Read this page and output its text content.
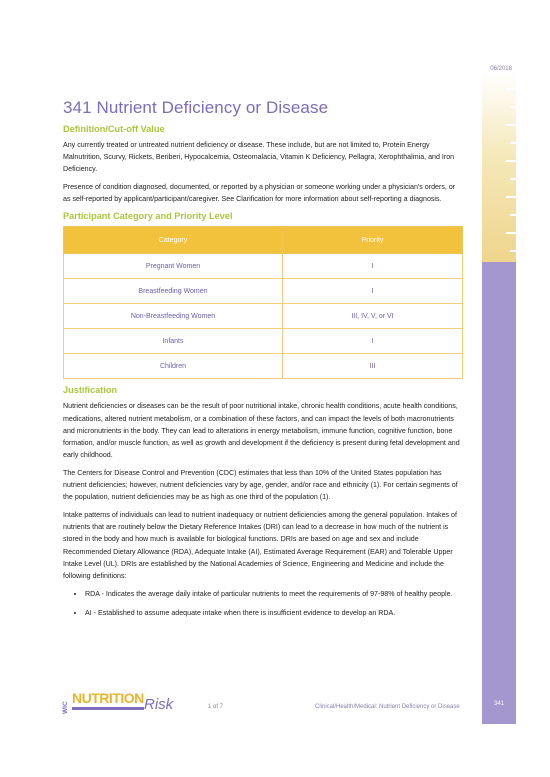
06/2018
341 Nutrient Deficiency or Disease
Definition/Cut-off Value

Any currently treated or untreated nutrient deficiency or disease. These include, but are not limited to, Protein Energy Malnutrition, Scurvy, Rickets, Beriberi, Hypocalcemia, Osteomalacia, Vitamin K Deficiency, Pellagra, Xerophthalmia, and Iron Deficiency.

Presence of condition diagnosed, documented, or reported by a physician or someone working under a physician's orders, or as self-reported by applicant/participant/caregiver. See Clarification for more information about self-reporting a diagnosis.

Participant Category and Priority Level
Category	Priority
Pregnant Women	I
Breastfeeding Women	I
Non-Breastfeeding Women	III, IV, V, or VI
Infants	I
Children	III
Justification

Nutrient deficiencies or diseases can be the result of poor nutritional intake, chronic health conditions, acute health conditions, medications, altered nutrient metabolism, or a combination of these factors, and can impact the levels of both macronutrients and micronutrients in the body. They can lead to alterations in energy metabolism, immune function, cognitive function, bone formation, and/or muscle function, as well as growth and development if the deficiency is present during fetal development and early childhood.

The Centers for Disease Control and Prevention (CDC) estimates that less than 10% of the United States population has nutrient deficiencies; however, nutrient deficiencies vary by age, gender, and/or race and ethnicity (1). For certain segments of the population, nutrient deficiencies may be as high as one third of the population (1).

Intake patterns of individuals can lead to nutrient inadequacy or nutrient deficiencies among the general population. Intakes of nutrients that are routinely below the Dietary Reference Intakes (DRI) can lead to a decrease in how much of the nutrient is stored in the body and how much is available for biological functions. DRIs are based on age and sex and include Recommended Dietary Allowance (RDA), Adequate Intake (AI), Estimated Average Requirement (EAR) and Tolerable Upper Intake Level (UL). DRIs are established by the National Academies of Science, Engineering and Medicine and include the following definitions:

• RDA - Indicates the average daily intake of particular nutrients to meet the requirements of 97-98% of healthy people.
• AI - Established to assume adequate intake when there is insufficient evidence to develop an RDA.
WIC
NUTRITION Risk	1 of 7	Clinical/Health/Medical: Nutrient Deficiency or Disease	341
